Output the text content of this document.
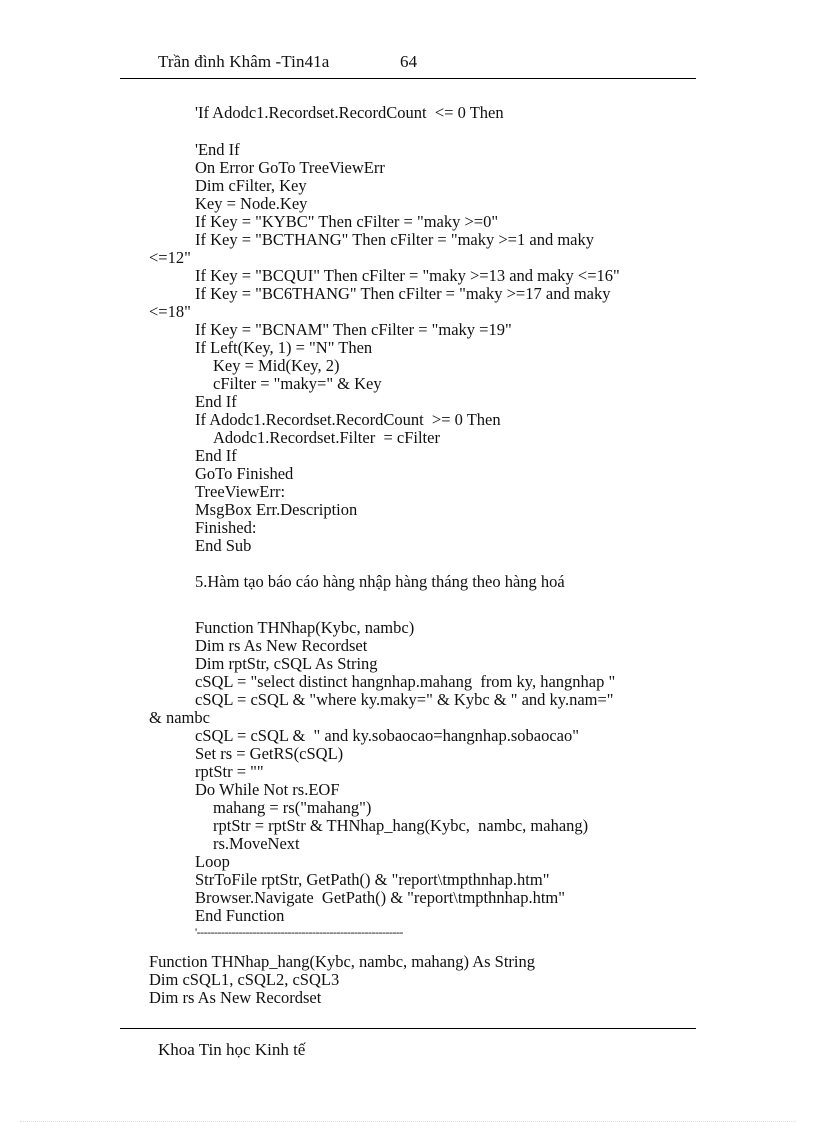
Trần đình Khâm -Tin41a	64
'If Adodc1.Recordset.RecordCount  <= 0 Then
'End If
On Error GoTo TreeViewErr
Dim cFilter, Key
Key = Node.Key
If Key = "KYBC" Then cFilter = "maky >=0"
If Key = "BCTHANG" Then cFilter = "maky >=1 and maky
<=12"
If Key = "BCQUI" Then cFilter = "maky >=13 and maky <=16"
If Key = "BC6THANG" Then cFilter = "maky >=17 and maky
<=18"
If Key = "BCNAM" Then cFilter = "maky =19"
If Left(Key, 1) = "N" Then
Key = Mid(Key, 2)
cFilter = "maky=" & Key
End If
If Adodc1.Recordset.RecordCount  >= 0 Then
Adodc1.Recordset.Filter  = cFilter
End If
GoTo Finished
TreeViewErr:
MsgBox Err.Description
Finished:
End Sub
5.Hàm tạo báo cáo hàng nhập hàng tháng theo hàng hoá
Function THNhap(Kybc, nambc)
Dim rs As New Recordset
Dim rptStr, cSQL As String
cSQL = "select distinct hangnhap.mahang  from ky, hangnhap "
cSQL = cSQL & "where ky.maky=" & Kybc & " and ky.nam="
& nambc
cSQL = cSQL &  " and ky.sobaocao=hangnhap.sobaocao"
Set rs = GetRS(cSQL)
rptStr = ""
Do While Not rs.EOF
mahang = rs("mahang")
rptStr = rptStr & THNhap_hang(Kybc,  nambc, mahang)
rs.MoveNext
Loop
StrToFile rptStr, GetPath() & "report\tmpthnhap.htm"
Browser.Navigate  GetPath() & "report\tmpthnhap.htm"
End Function
'-----------------------------------------------------------
Function THNhap_hang(Kybc, nambc, mahang) As String
Dim cSQL1, cSQL2, cSQL3
Dim rs As New Recordset
Khoa Tin học Kinh tế
